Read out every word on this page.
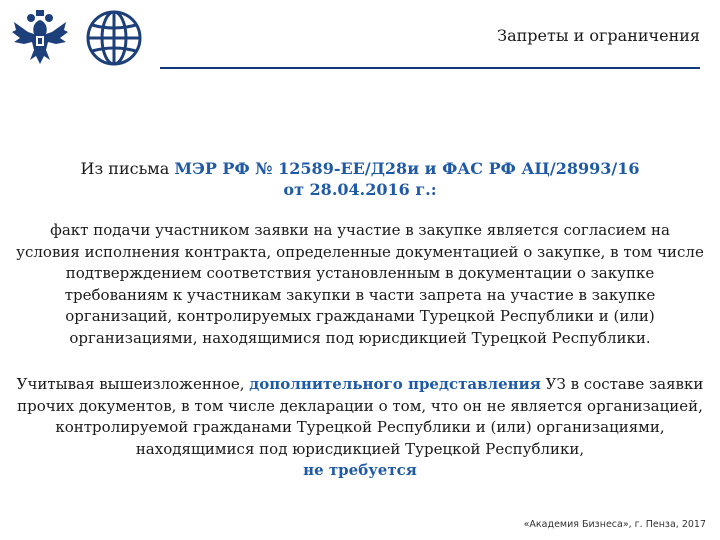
Запреты и ограничения
Из письма МЭР РФ № 12589-ЕЕ/Д28и и ФАС РФ АЦ/28993/16
от 28.04.2016 г.:
факт подачи участником заявки на участие в закупке является согласием на условия исполнения контракта, определенные документацией о закупке, в том числе подтверждением соответствия установленным в документации о закупке требованиям к участникам закупки в части запрета на участие в закупке организаций, контролируемых гражданами Турецкой Республики и (или) организациями, находящимися под юрисдикцией Турецкой Республики.
Учитывая вышеизложенное, дополнительного представления УЗ в составе заявки прочих документов, в том числе декларации о том, что он не является организацией, контролируемой гражданами Турецкой Республики и (или) организациями, находящимися под юрисдикцией Турецкой Республики,
не требуется
«Академия Бизнеса», г. Пенза, 2017
